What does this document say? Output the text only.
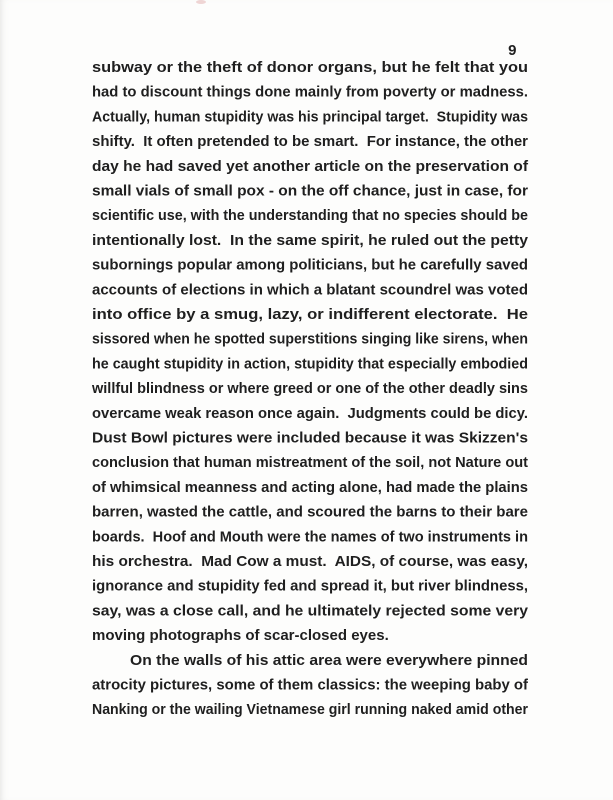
9
subway or the theft of donor organs, but he felt that you
had to discount things done mainly from poverty or madness.
Actually, human stupidity was his principal target.  Stupidity was
shifty.  It often pretended to be smart.  For instance, the other
day he had saved yet another article on the preservation of
small vials of small pox - on the off chance, just in case, for
scientific use, with the understanding that no species should be
intentionally lost.  In the same spirit, he ruled out the petty
subornings popular among politicians, but he carefully saved
accounts of elections in which a blatant scoundrel was voted
into office by a smug, lazy, or indifferent electorate.  He
sissored when he spotted superstitions singing like sirens, when
he caught stupidity in action, stupidity that especially embodied
willful blindness or where greed or one of the other deadly sins
overcame weak reason once again.  Judgments could be dicy.
Dust Bowl pictures were included because it was Skizzen's
conclusion that human mistreatment of the soil, not Nature out
of whimsical meanness and acting alone, had made the plains
barren, wasted the cattle, and scoured the barns to their bare
boards.  Hoof and Mouth were the names of two instruments in
his orchestra.  Mad Cow a must.  AIDS, of course, was easy,
ignorance and stupidity fed and spread it, but river blindness,
say, was a close call, and he ultimately rejected some very
moving photographs of scar-closed eyes.
On the walls of his attic area were everywhere pinned
atrocity pictures, some of them classics: the weeping baby of
Nanking or the wailing Vietnamese girl running naked amid other
